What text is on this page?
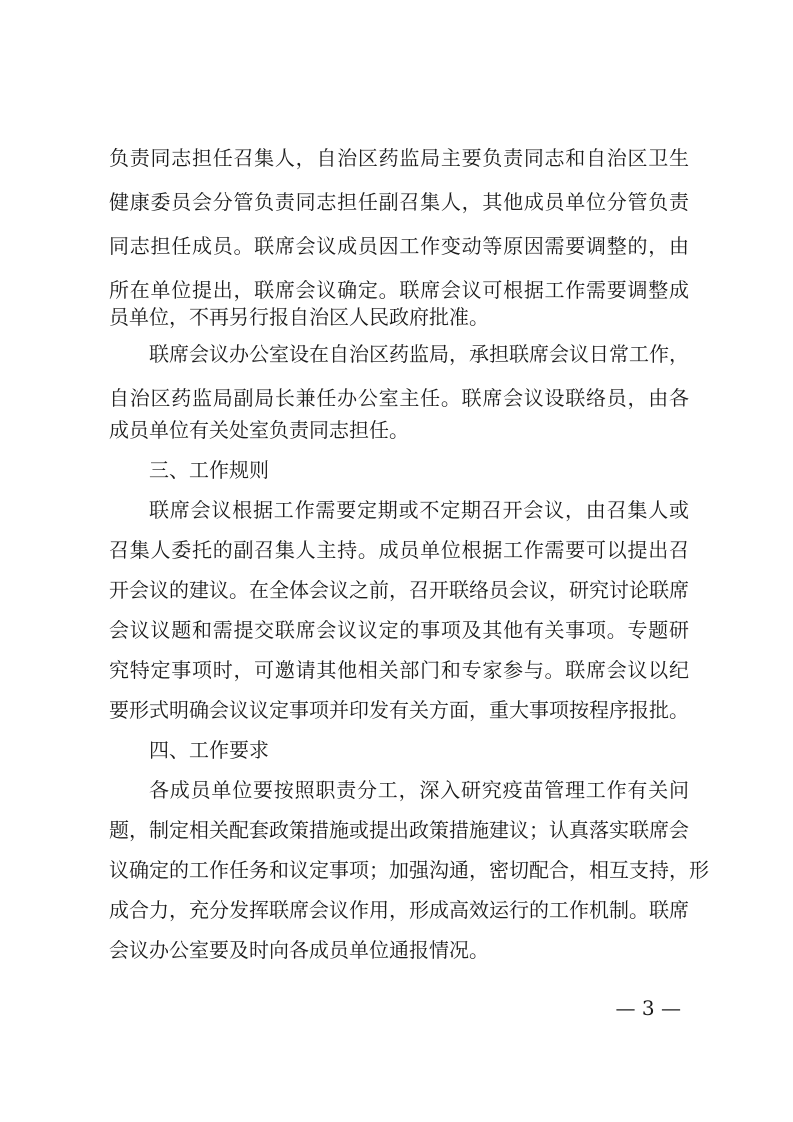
负责同志担任召集人，自治区药监局主要负责同志和自治区卫生
健康委员会分管负责同志担任副召集人，其他成员单位分管负责
同志担任成员。联席会议成员因工作变动等原因需要调整的，由
所在单位提出，联席会议确定。联席会议可根据工作需要调整成
员单位，不再另行报自治区人民政府批准。
联席会议办公室设在自治区药监局，承担联席会议日常工作，
自治区药监局副局长兼任办公室主任。联席会议设联络员，由各
成员单位有关处室负责同志担任。
三、工作规则
联席会议根据工作需要定期或不定期召开会议，由召集人或
召集人委托的副召集人主持。成员单位根据工作需要可以提出召
开会议的建议。在全体会议之前，召开联络员会议，研究讨论联席
会议议题和需提交联席会议议定的事项及其他有关事项。专题研
究特定事项时，可邀请其他相关部门和专家参与。联席会议以纪
要形式明确会议议定事项并印发有关方面，重大事项按程序报批。
四、工作要求
各成员单位要按照职责分工，深入研究疫苗管理工作有关问
题，制定相关配套政策措施或提出政策措施建议；认真落实联席会
议确定的工作任务和议定事项；加强沟通，密切配合，相互支持，形
成合力，充分发挥联席会议作用，形成高效运行的工作机制。联席
会议办公室要及时向各成员单位通报情况。
— 3 —
